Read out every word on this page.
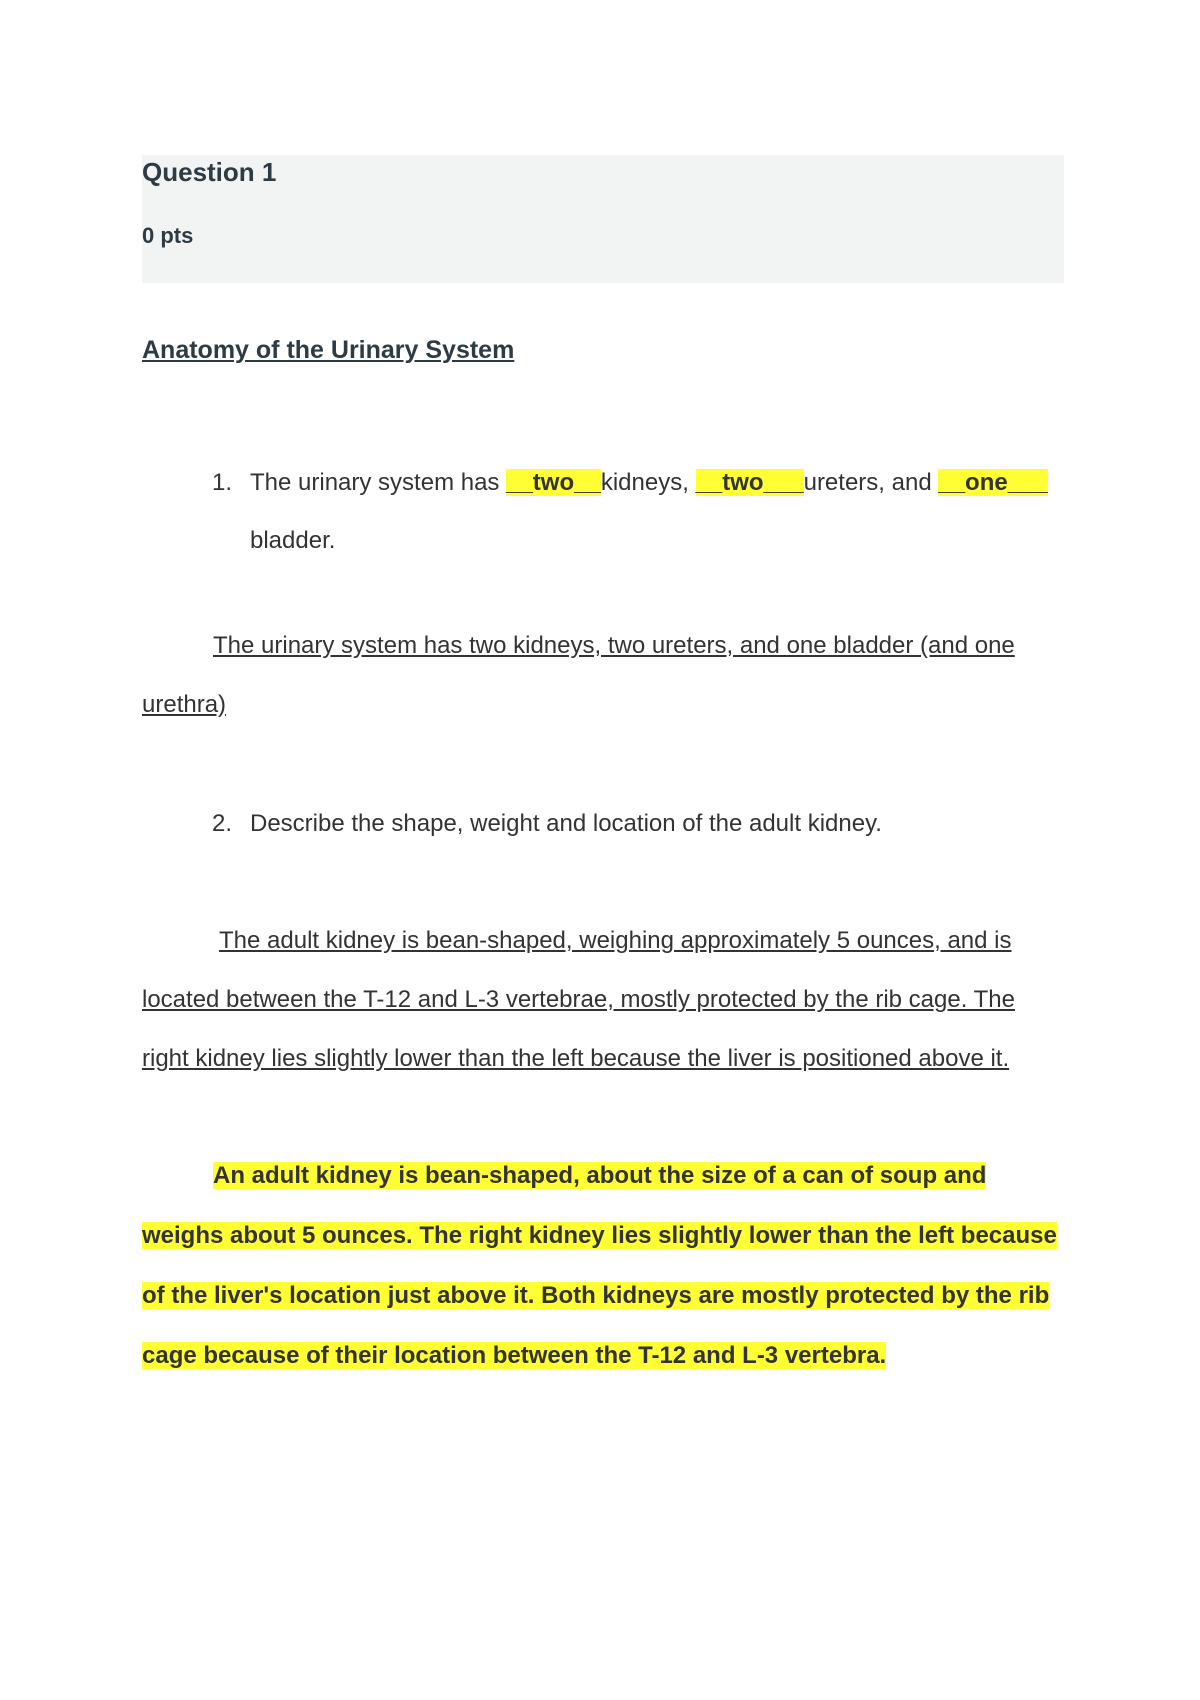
Question 1
0 pts
Anatomy of the Urinary System
1. The urinary system has __two__kidneys, __two___ureters, and __one___ bladder.

The urinary system has two kidneys, two ureters, and one bladder (and one urethra)

2. Describe the shape, weight and location of the adult kidney.

The adult kidney is bean-shaped, weighing approximately 5 ounces, and is located between the T-12 and L-3 vertebrae, mostly protected by the rib cage. The right kidney lies slightly lower than the left because the liver is positioned above it.

An adult kidney is bean-shaped, about the size of a can of soup and weighs about 5 ounces. The right kidney lies slightly lower than the left because of the liver's location just above it. Both kidneys are mostly protected by the rib cage because of their location between the T-12 and L-3 vertebra.
